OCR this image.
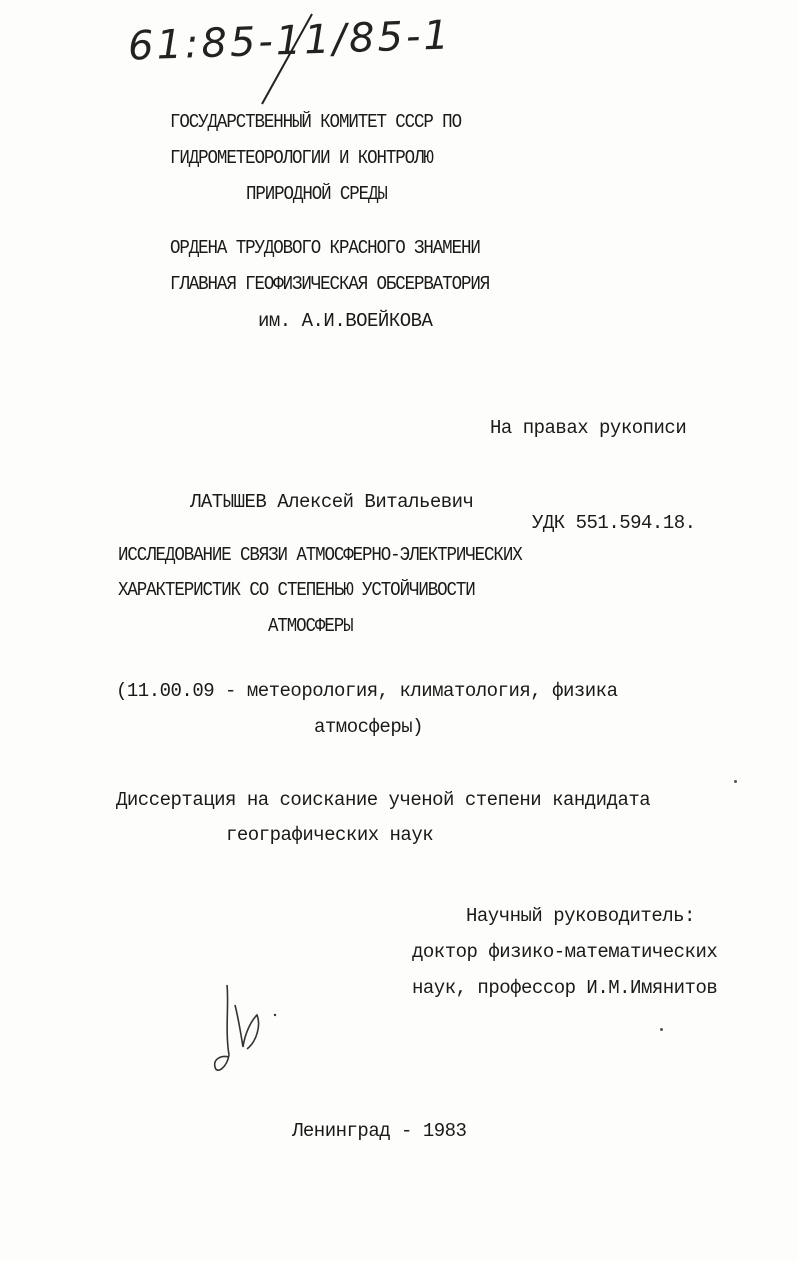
61:85-11/85-1
ГОСУДАРСТВЕННЫЙ КОМИТЕТ СССР ПО
ГИДРОМЕТЕОРОЛОГИИ И КОНТРОЛЮ
ПРИРОДНОЙ СРЕДЫ
ОРДЕНА ТРУДОВОГО КРАСНОГО ЗНАМЕНИ
ГЛАВНАЯ ГЕОФИЗИЧЕСКАЯ ОБСЕРВАТОРИЯ
им. А.И.ВОЕЙКОВА
На правах рукописи
ЛАТЫШЕВ Алексей Витальевич
УДК 551.594.18.
ИССЛЕДОВАНИЕ СВЯЗИ АТМОСФЕРНО-ЭЛЕКТРИЧЕСКИХ
ХАРАКТЕРИСТИК СО СТЕПЕНЬЮ УСТОЙЧИВОСТИ
АТМОСФЕРЫ
(11.00.09 - метеорология, климатология, физика
атмосферы)
Диссертация на соискание ученой степени кандидата
географических наук
Научный руководитель:
доктор физико-математических
наук, профессор И.М.Имянитов
Ленинград - 1983
